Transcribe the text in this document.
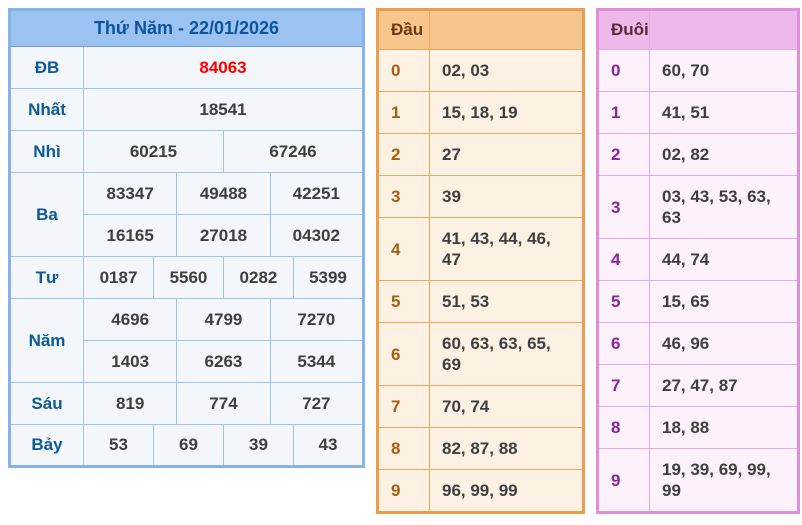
Thứ Năm - 22/01/2026						
ĐB	84063					
Nhất	18541					
Nhì	60215			67246		
Ba	83347		49488		42251	
	16165		27018		04302	
Tư	0187	5560		0282		5399
Năm	4696		4799		7270	
	1403		6263		5344	
Sáu	819		774		727	
Bảy	53	69		39		43
Đầu	
0	02, 03
1	15, 18, 19
2	27
3	39
4	41, 43, 44, 46, 47
5	51, 53
6	60, 63, 63, 65, 69
7	70, 74
8	82, 87, 88
9	96, 99, 99
Đuôi	
0	60, 70
1	41, 51
2	02, 82
3	03, 43, 53, 63, 63
4	44, 74
5	15, 65
6	46, 96
7	27, 47, 87
8	18, 88
9	19, 39, 69, 99, 99
